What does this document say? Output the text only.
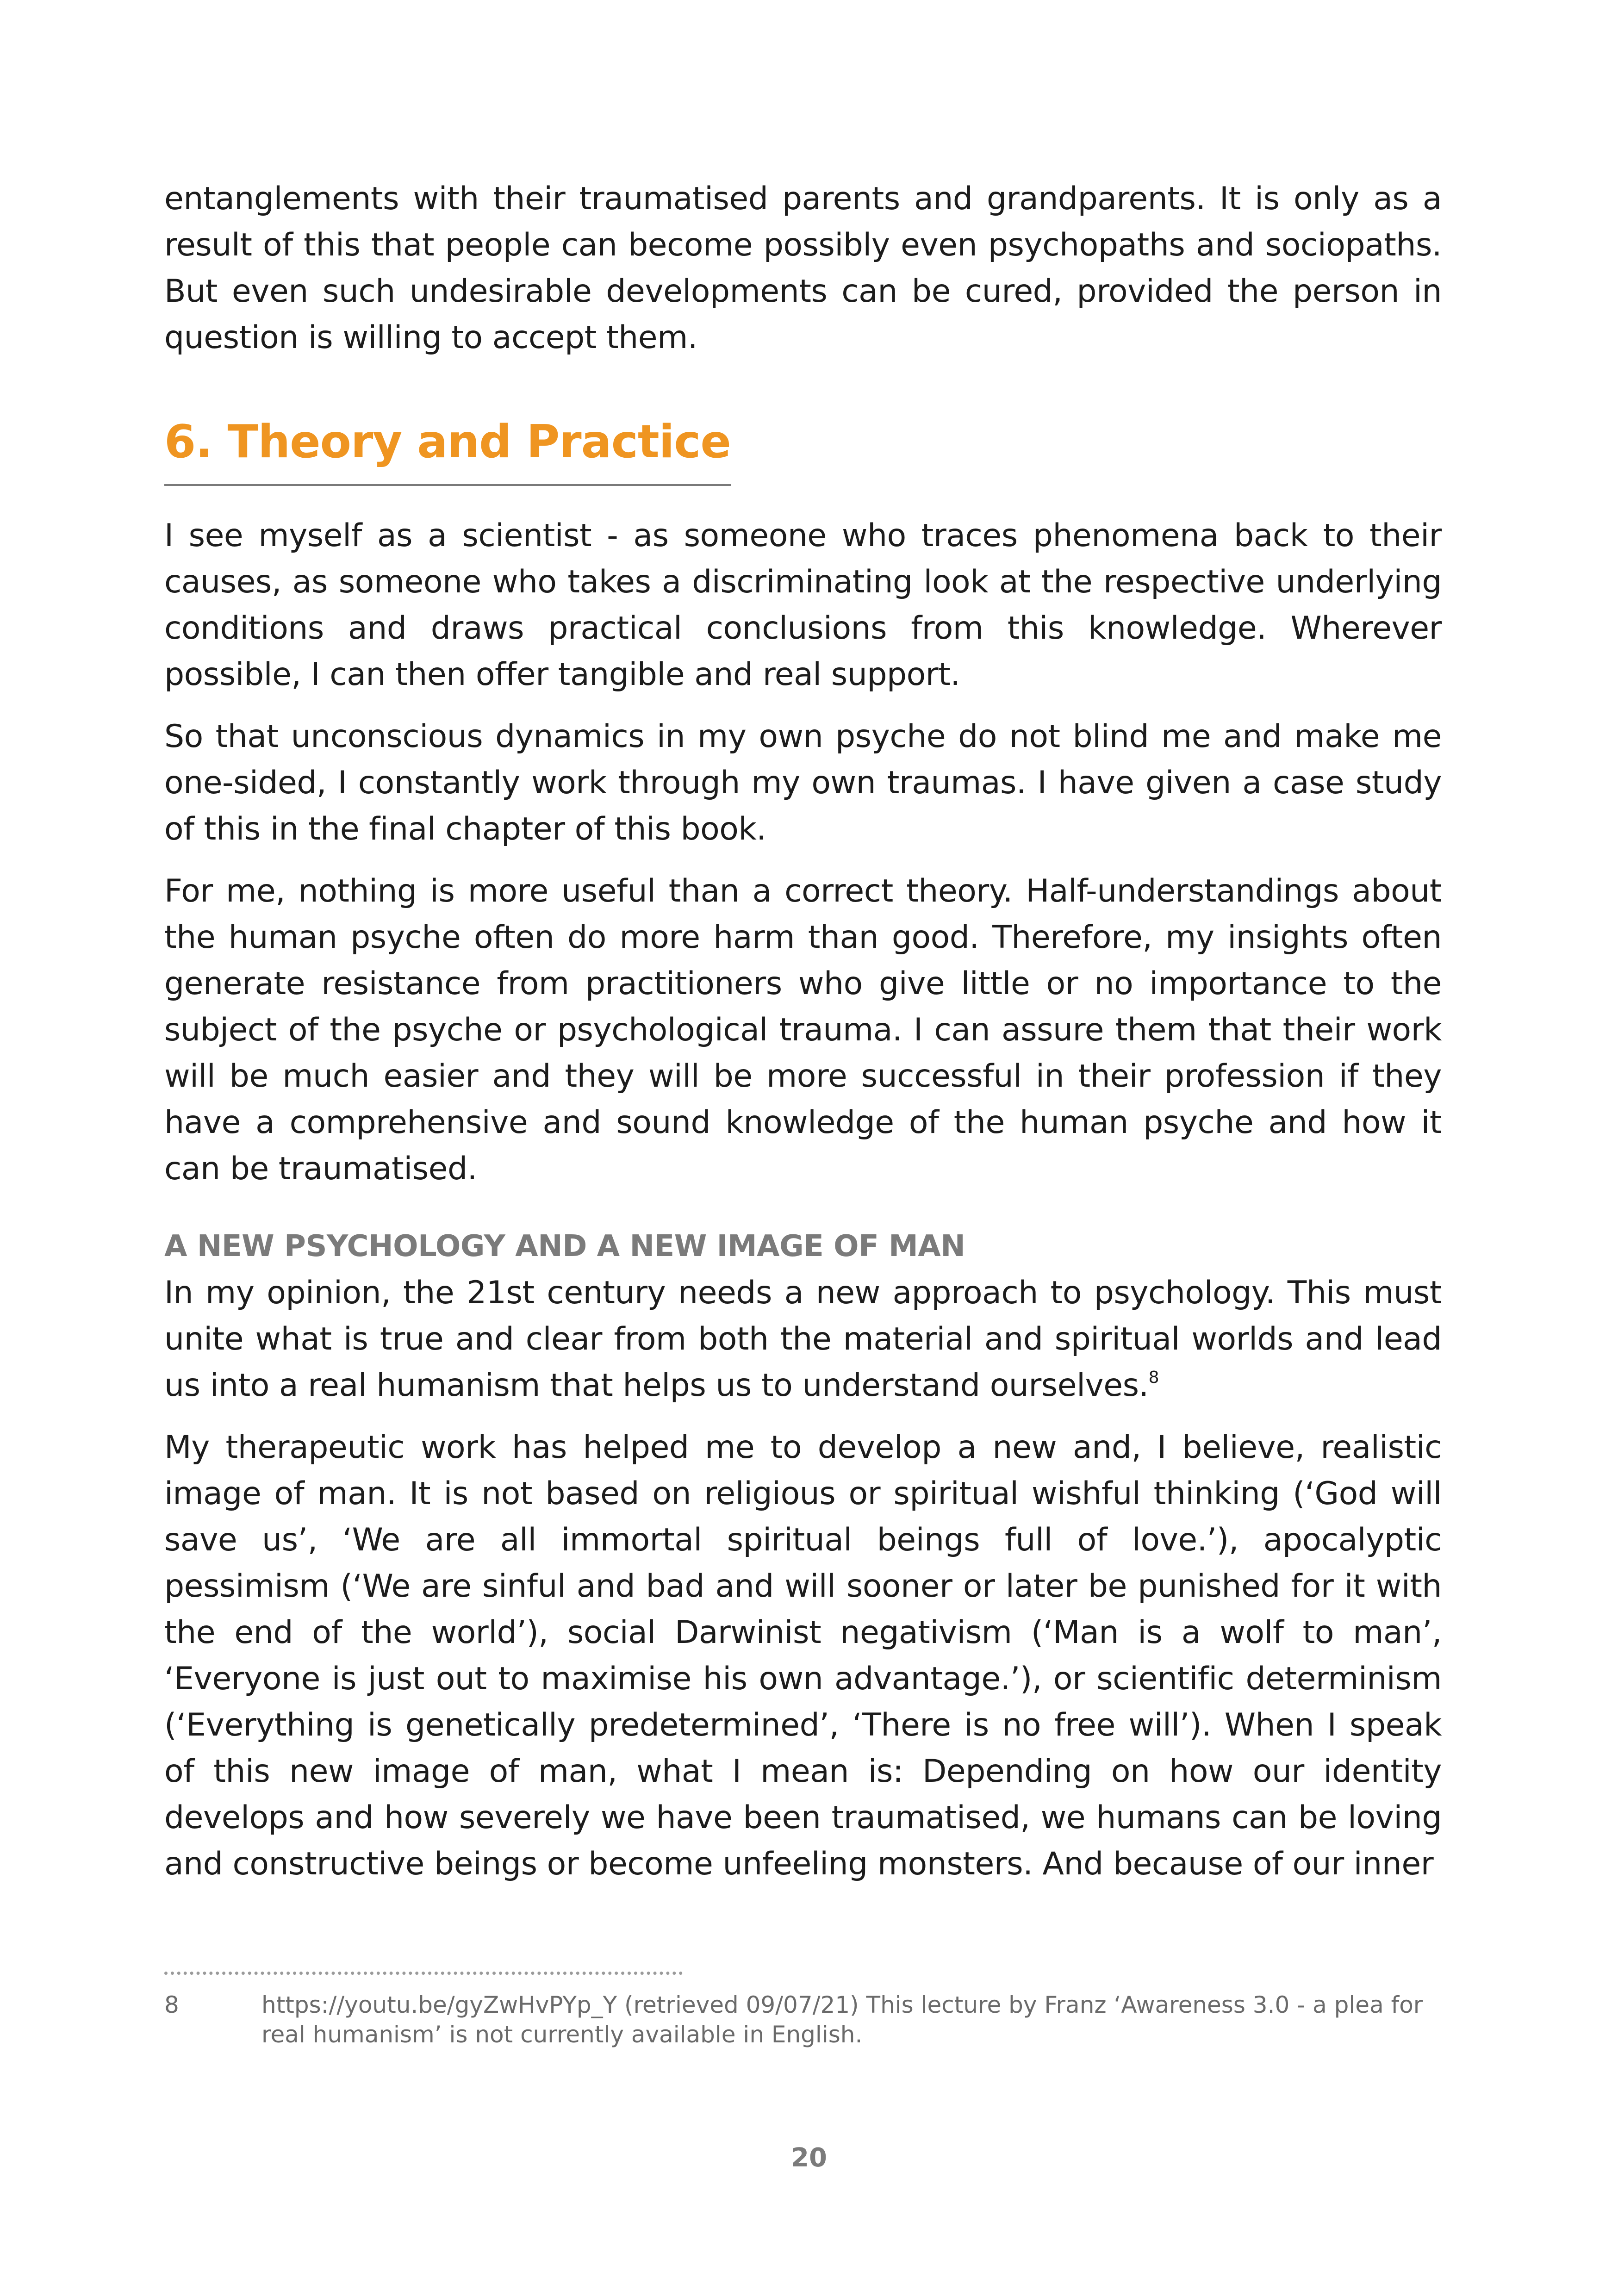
entanglements with their traumatised parents and grandparents. It is only as a result of this that people can become possibly even psychopaths and sociopaths. But even such undesirable developments can be cured, provided the person in question is willing to accept them.

6. Theory and Practice

I see myself as a scientist - as someone who traces phenomena back to their causes, as someone who takes a discriminating look at the respective underlying conditions and draws practical conclusions from this knowledge. Wherever possible, I can then offer tangible and real support.

So that unconscious dynamics in my own psyche do not blind me and make me one-sided, I constantly work through my own traumas. I have given a case study of this in the final chapter of this book.

For me, nothing is more useful than a correct theory. Half-understandings about the human psyche often do more harm than good. Therefore, my insights often generate resistance from practitioners who give little or no importance to the subject of the psyche or psychological trauma. I can assure them that their work will be much easier and they will be more successful in their profession if they have a comprehensive and sound knowledge of the human psyche and how it can be traumatised.

A NEW PSYCHOLOGY AND A NEW IMAGE OF MAN

In my opinion, the 21st century needs a new approach to psychology. This must unite what is true and clear from both the material and spiritual worlds and lead us into a real humanism that helps us to understand ourselves.$^8$

My therapeutic work has helped me to develop a new and, I believe, realistic image of man. It is not based on religious or spiritual wishful thinking (‘God will save us’, ‘We are all immortal spiritual beings full of love.’), apocalyptic pessimism (‘We are sinful and bad and will sooner or later be punished for it with the end of the world’), social Darwinist negativism (‘Man is a wolf to man’, ‘Everyone is just out to maximise his own advantage.’), or scientific determinism (‘Everything is genetically predetermined’, ‘There is no free will’). When I speak of this new image of man, what I mean is: Depending on how our identity develops and how severely we have been traumatised, we humans can be loving and constructive beings or become unfeeling monsters. And because of our inner

8	https://youtu.be/gyZwHvPYp_Y (retrieved 09/07/21) This lecture by Franz ‘Awareness 3.0 - a plea for real humanism’ is not currently available in English.
20
